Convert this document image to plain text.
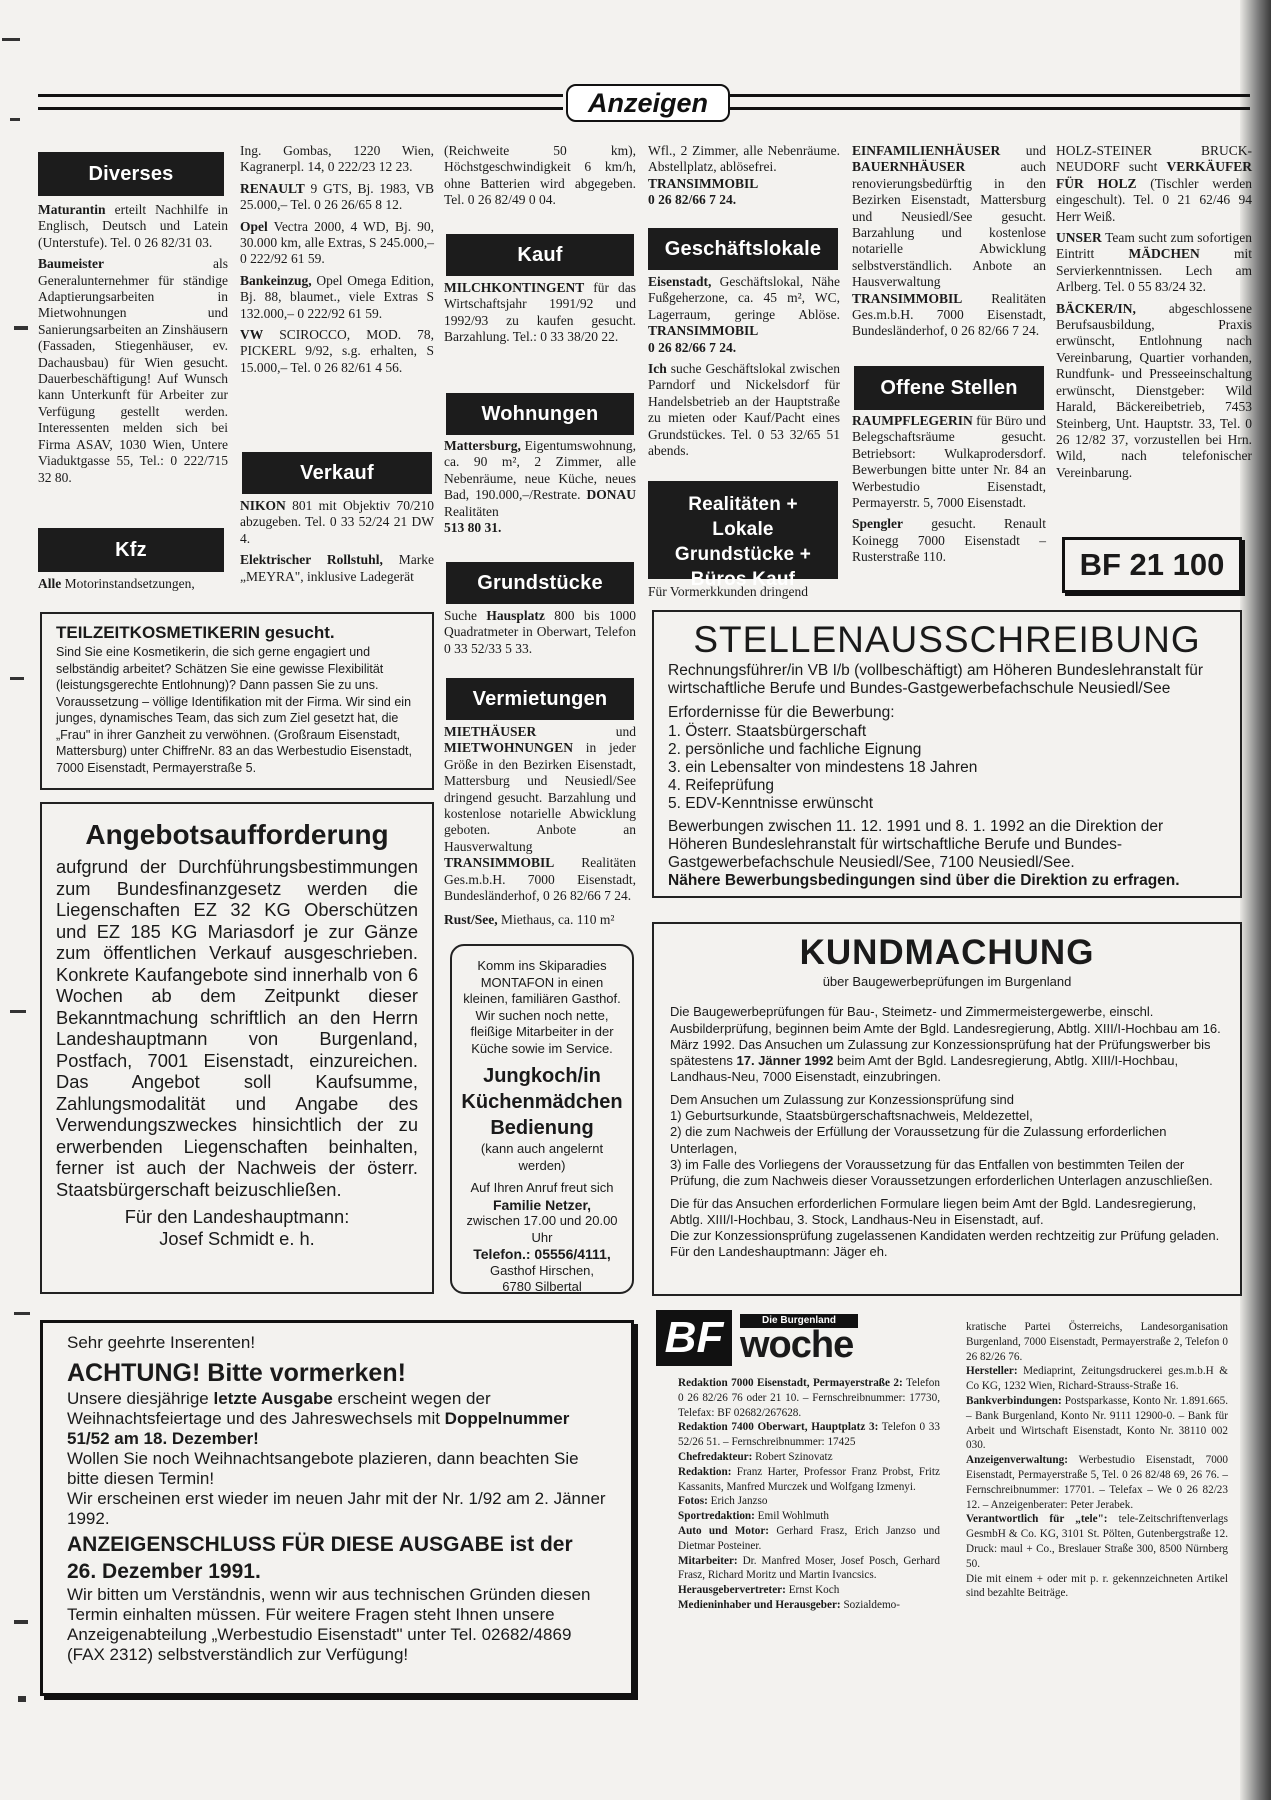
Anzeigen
Diverses

Maturantin erteilt Nachhilfe in Englisch, Deutsch und Latein (Unterstufe). Tel. 0 26 82/31 03.

Baumeister als Generalunternehmer für ständige Adaptierungsarbeiten in Mietwohnungen und Sanierungsarbeiten an Zinshäusern (Fassaden, Stiegenhäuser, ev. Dachausbau) für Wien gesucht. Dauerbeschäftigung! Auf Wunsch kann Unterkunft für Arbeiter zur Verfügung gestellt werden. Interessenten melden sich bei Firma ASAV, 1030 Wien, Untere Viaduktgasse 55, Tel.: 0 222/715 32 80.

Kfz
Alle Motorinstandsetzungen,

Ing. Gombas, 1220 Wien, Kagranerpl. 14, 0 222/23 12 23.

RENAULT 9 GTS, Bj. 1983, VB 25.000,– Tel. 0 26 26/65 8 12.

Opel Vectra 2000, 4 WD, Bj. 90, 30.000 km, alle Extras, S 245.000,– 0 222/92 61 59.

Bankeinzug, Opel Omega Edition, Bj. 88, blaumet., viele Extras S 132.000,– 0 222/92 61 59.

VW SCIROCCO, MOD. 78, PICKERL 9/92, s.g. erhalten, S 15.000,– Tel. 0 26 82/61 4 56.

Verkauf

NIKON 801 mit Objektiv 70/210 abzugeben. Tel. 0 33 52/24 21 DW 4.

Elektrischer Rollstuhl, Marke „MEYRA", inklusive Ladegerät

(Reichweite 50 km), Höchstgeschwindigkeit 6 km/h, ohne Batterien wird abgegeben. Tel. 0 26 82/49 0 04.
Kauf
MILCHKONTINGENT für das Wirtschaftsjahr 1991/92 und 1992/93 zu kaufen gesucht. Barzahlung. Tel.: 0 33 38/20 22.
Wohnungen
Mattersburg, Eigentumswohnung, ca. 90 m², 2 Zimmer, alle Nebenräume, neue Küche, neues Bad, 190.000,–/Restrate. DONAU Realitäten
513 80 31.
Grundstücke
Suche Hausplatz 800 bis 1000 Quadratmeter in Oberwart, Telefon 0 33 52/33 5 33.
Vermietungen
MIETHÄUSER und MIETWOHNUNGEN in jeder Größe in den Bezirken Eisenstadt, Mattersburg und Neusiedl/See dringend gesucht. Barzahlung und kostenlose notarielle Abwicklung geboten. Anbote an Hausverwaltung TRANSIMMOBIL Realitäten Ges.m.b.H. 7000 Eisenstadt, Bundesländerhof, 0 26 82/66 7 24.
Rust/See, Miethaus, ca. 110 m²
Komm ins Skiparadies MONTAFON in einen kleinen, familiären Gasthof. Wir suchen noch nette, fleißige Mitarbeiter in der Küche sowie im Service.
Jungkoch/in
Küchenmädchen
Bedienung
(kann auch angelernt werden)
Auf Ihren Anruf freut sich
Familie Netzer,
zwischen 17.00 und 20.00 Uhr
Telefon.: 05556/4111,
Gasthof Hirschen,
6780 Silbertal
Wfl., 2 Zimmer, alle Nebenräume. Abstellplatz, ablösefrei.
TRANSIMMOBIL
0 26 82/66 7 24.
Geschäftslokale

Eisenstadt, Geschäftslokal, Nähe Fußgeherzone, ca. 45 m², WC, Lagerraum, geringe Ablöse. TRANSIMMOBIL
0 26 82/66 7 24.

Ich suche Geschäftslokal zwischen Parndorf und Nickelsdorf für Handelsbetrieb an der Hauptstraße zu mieten oder Kauf/Pacht eines Grundstückes. Tel. 0 53 32/65 51 abends.

Realitäten + Lokale Grundstücke + Büros Kauf
Für Vormerkkunden dringend
EINFAMILIENHÄUSER und BAUERNHÄUSER auch renovierungsbedürftig in den Bezirken Eisenstadt, Mattersburg und Neusiedl/See gesucht. Barzahlung und kostenlose notarielle Abwicklung selbstverständlich. Anbote an Hausverwaltung TRANSIMMOBIL Realitäten Ges.m.b.H. 7000 Eisenstadt, Bundesländerhof, 0 26 82/66 7 24.
Offene Stellen

RAUMPFLEGERIN für Büro und Belegschaftsräume gesucht. Betriebsort: Wulkaprodersdorf. Bewerbungen bitte unter Nr. 84 an Werbestudio Eisenstadt, Permayerstr. 5, 7000 Eisenstadt.

Spengler gesucht. Renault Koinegg 7000 Eisenstadt – Rusterstraße 110.

HOLZ-STEINER BRUCK-NEUDORF sucht VERKÄUFER FÜR HOLZ (Tischler werden eingeschult). Tel. 0 21 62/46 94 Herr Weiß.

UNSER Team sucht zum sofortigen Eintritt MÄDCHEN mit Servierkenntnissen. Lech am Arlberg. Tel. 0 55 83/24 32.

BÄCKER/IN, abgeschlossene Berufsausbildung, Praxis erwünscht, Entlohnung nach Vereinbarung, Quartier vorhanden, Rundfunk- und Presseeinschaltung erwünscht, Dienstgeber: Wild Harald, Bäckereibetrieb, 7453 Steinberg, Unt. Hauptstr. 33, Tel. 0 26 12/82 37, vorzustellen bei Hrn. Wild, nach telefonischer Vereinbarung.

BF 21 100
TEILZEITKOSMETIKERIN gesucht.
Sind Sie eine Kosmetikerin, die sich gerne engagiert und selbständig arbeitet? Schätzen Sie eine gewisse Flexibilität (leistungsgerechte Entlohnung)? Dann passen Sie zu uns. Voraussetzung – völlige Identifikation mit der Firma. Wir sind ein junges, dynamisches Team, das sich zum Ziel gesetzt hat, die „Frau" in ihrer Ganzheit zu verwöhnen. (Großraum Eisenstadt, Mattersburg) unter ChiffreNr. 83 an das Werbestudio Eisenstadt, 7000 Eisenstadt, Permayerstraße 5.
Angebotsaufforderung
aufgrund der Durchführungsbestimmungen zum Bundesfinanzgesetz werden die Liegenschaften EZ 32 KG Oberschützen und EZ 185 KG Mariasdorf je zur Gänze zum öffentlichen Verkauf ausgeschrieben. Konkrete Kaufangebote sind innerhalb von 6 Wochen ab dem Zeitpunkt dieser Bekanntmachung schriftlich an den Herrn Landeshauptmann von Burgenland, Postfach, 7001 Eisenstadt, einzureichen. Das Angebot soll Kaufsumme, Zahlungsmodalität und Angabe des Verwendungszweckes hinsichtlich der zu erwerbenden Liegenschaften beinhalten, ferner ist auch der Nachweis der österr. Staatsbürgerschaft beizuschließen.
Für den Landeshauptmann:
Josef Schmidt e. h.
STELLENAUSSCHREIBUNG
Rechnungsführer/in VB I/b (vollbeschäftigt) am Höheren Bundeslehranstalt für wirtschaftliche Berufe und Bundes-Gastgewerbefachschule Neusiedl/See
Erfordernisse für die Bewerbung:
1. Österr. Staatsbürgerschaft
2. persönliche und fachliche Eignung
3. ein Lebensalter von mindestens 18 Jahren
4. Reifeprüfung
5. EDV-Kenntnisse erwünscht
Bewerbungen zwischen 11. 12. 1991 und 8. 1. 1992 an die Direktion der Höheren Bundeslehranstalt für wirtschaftliche Berufe und Bundes-Gastgewerbefachschule Neusiedl/See, 7100 Neusiedl/See.
Nähere Bewerbungsbedingungen sind über die Direktion zu erfragen.
KUNDMACHUNG
über Baugewerbeprüfungen im Burgenland
Die Baugewerbeprüfungen für Bau-, Steimetz- und Zimmermeistergewerbe, einschl. Ausbilderprüfung, beginnen beim Amte der Bgld. Landesregierung, Abtlg. XIII/I-Hochbau am 16. März 1992. Das Ansuchen um Zulassung zur Konzessionsprüfung hat der Prüfungswerber bis spätestens 17. Jänner 1992 beim Amt der Bgld. Landesregierung, Abtlg. XIII/I-Hochbau, Landhaus-Neu, 7000 Eisenstadt, einzubringen.
Dem Ansuchen um Zulassung zur Konzessionsprüfung sind
1) Geburtsurkunde, Staatsbürgerschaftsnachweis, Meldezettel,
2) die zum Nachweis der Erfüllung der Voraussetzung für die Zulassung erforderlichen Unterlagen,
3) im Falle des Vorliegens der Voraussetzung für das Entfallen von bestimmten Teilen der Prüfung, die zum Nachweis dieser Voraussetzungen erforderlichen Unterlagen anzuschließen.
Die für das Ansuchen erforderlichen Formulare liegen beim Amt der Bgld. Landesregierung, Abtlg. XIII/I-Hochbau, 3. Stock, Landhaus-Neu in Eisenstadt, auf.
Die zur Konzessionsprüfung zugelassenen Kandidaten werden rechtzeitig zur Prüfung geladen.
Für den Landeshauptmann: Jäger eh.
Sehr geehrte Inserenten!
ACHTUNG! Bitte vormerken!
Unsere diesjährige letzte Ausgabe erscheint wegen der Weihnachtsfeiertage und des Jahreswechsels mit Doppelnummer 51/52 am 18. Dezember!
Wollen Sie noch Weihnachtsangebote plazieren, dann beachten Sie bitte diesen Termin!
Wir erscheinen erst wieder im neuen Jahr mit der Nr. 1/92 am 2. Jänner 1992.
ANZEIGENSCHLUSS FÜR DIESE AUSGABE ist der 26. Dezember 1991.
Wir bitten um Verständnis, wenn wir aus technischen Gründen diesen Termin einhalten müssen. Für weitere Fragen steht Ihnen unsere Anzeigenabteilung „Werbestudio Eisenstadt" unter Tel. 02682/4869 (FAX 2312) selbstverständlich zur Verfügung!
BF	Die Burgenland
woche
Redaktion 7000 Eisenstadt, Permayerstraße 2: Telefon 0 26 82/26 76 oder 21 10. – Fernschreibnummer: 17730, Telefax: BF 02682/267628.
Redaktion 7400 Oberwart, Hauptplatz 3: Telefon 0 33 52/26 51. – Fernschreibnummer: 17425
Chefredakteur: Robert Szinovatz
Redaktion: Franz Harter, Professor Franz Probst, Fritz Kassanits, Manfred Murczek und Wolfgang Izmenyi.
Fotos: Erich Janzso
Sportredaktion: Emil Wohlmuth
Auto und Motor: Gerhard Frasz, Erich Janzso und Dietmar Posteiner.
Mitarbeiter: Dr. Manfred Moser, Josef Posch, Gerhard Frasz, Richard Moritz und Martin Ivancsics.
Herausgebervertreter: Ernst Koch
Medieninhaber und Herausgeber: Sozialdemo-
kratische Partei Österreichs, Landesorganisation Burgenland, 7000 Eisenstadt, Permayerstraße 2, Telefon 0 26 82/26 76.
Hersteller: Mediaprint, Zeitungsdruckerei ges.m.b.H & Co KG, 1232 Wien, Richard-Strauss-Straße 16.
Bankverbindungen: Postsparkasse, Konto Nr. 1.891.665. – Bank Burgenland, Konto Nr. 9111 12900-0. – Bank für Arbeit und Wirtschaft Eisenstadt, Konto Nr. 38110 002 030.
Anzeigenverwaltung: Werbestudio Eisenstadt, 7000 Eisenstadt, Permayerstraße 5, Tel. 0 26 82/48 69, 26 76. – Fernschreibnummer: 17701. – Telefax – We 0 26 82/23 12. – Anzeigenberater: Peter Jerabek.
Verantwortlich für „tele": tele-Zeitschriftenverlags GesmbH & Co. KG, 3101 St. Pölten, Gutenbergstraße 12. Druck: maul + Co., Breslauer Straße 300, 8500 Nürnberg 50.
Die mit einem + oder mit p. r. gekennzeichneten Artikel sind bezahlte Beiträge.
